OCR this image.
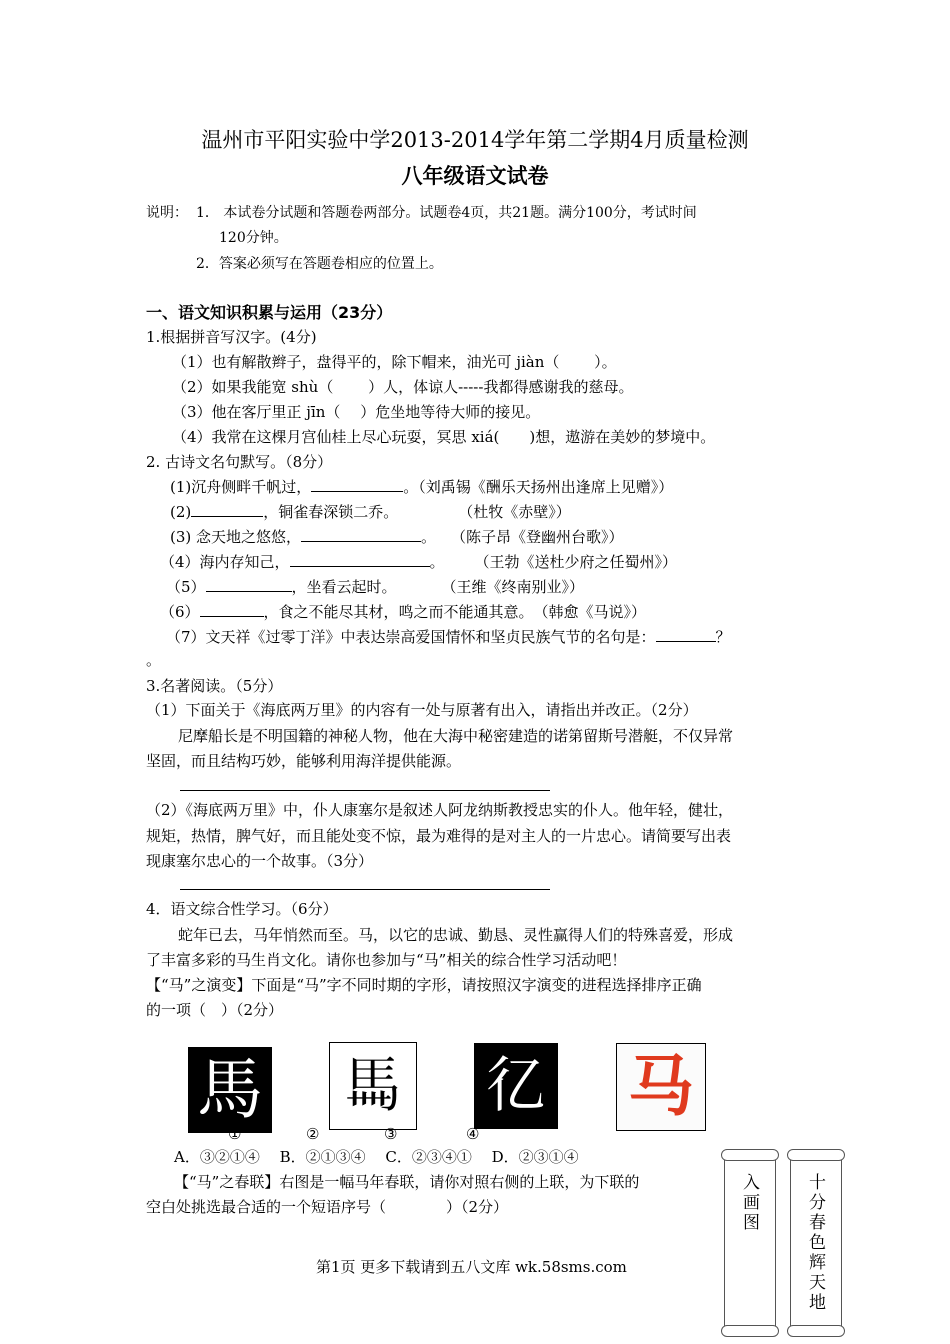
温州市平阳实验中学2013-2014学年第二学期4月质量检测
八年级语文试卷
说明： 1． 本试卷分试题和答题卷两部分。试题卷4页，共21题。满分100分，考试时间
120分钟。
2．答案必须写在答题卷相应的位置上。
一、语文知识积累与运用（23分）
1.根据拼音写汉字。(4分)
（1）也有解散辫子，盘得平的，除下帽来，油光可 jiàn（　　 ）。
（2）如果我能宽 shù（　　 ）人，体谅人-----我都得感谢我的慈母。
（3）他在客厅里正 jīn（　 ）危坐地等待大师的接见。
（4）我常在这棵月宫仙桂上尽心玩耍，冥思 xiá(　　)想，遨游在美妙的梦境中。
2. 古诗文名句默写。（8分）
(1)沉舟侧畔千帆过，	。（刘禹锡《酬乐天扬州出逢席上见赠》）
(2)	，铜雀春深锁二乔。　　　　　（杜牧《赤壁》）
(3) 念天地之悠悠，	。　　（陈子昂《登幽州台歌》）
（4）海内存知己，	。　　　（王勃《送杜少府之任蜀州》）
（5）	，坐看云起时。　　　　（王维《终南别业》）
（6）	，食之不能尽其材，鸣之而不能通其意。　（韩愈《马说》）
（7）文天祥《过零丁洋》中表达崇高爱国情怀和坚贞民族气节的名句是：	？
。
3.名著阅读。（5分）
（1）下面关于《海底两万里》的内容有一处与原著有出入，请指出并改正。（2分）
尼摩船长是不明国籍的神秘人物，他在大海中秘密建造的诺第留斯号潜艇，不仅异常
坚固，而且结构巧妙，能够利用海洋提供能源。
（2）《海底两万里》中，仆人康塞尔是叙述人阿龙纳斯教授忠实的仆人。他年轻，健壮，
规矩，热情，脾气好，而且能处变不惊，最为难得的是对主人的一片忠心。请简要写出表
现康塞尔忠心的一个故事。（3分）
4．语文综合性学习。（6分）
蛇年已去，马年悄然而至。马，以它的忠诚、勤恳、灵性赢得人们的特殊喜爱，形成
了丰富多彩的马生肖文化。请你也参加与“马”相关的综合性学习活动吧！
【“马”之演变】下面是“马”字不同时期的字形，请按照汉字演变的进程选择排序正确
的一项（　）（2分）
馬 𩡧 𢒼 马
①	②	③	④
A．③②①④　 B．②①③④　 C．②③④①　 D．②③①④
【“马”之春联】右图是一幅马年春联，请你对照右侧的上联，为下联的
空白处挑选最合适的一个短语序号（　　　　）（2分）	入画图	十分春色辉天地
第1页 更多下载请到五八文库 wk.58sms.com
